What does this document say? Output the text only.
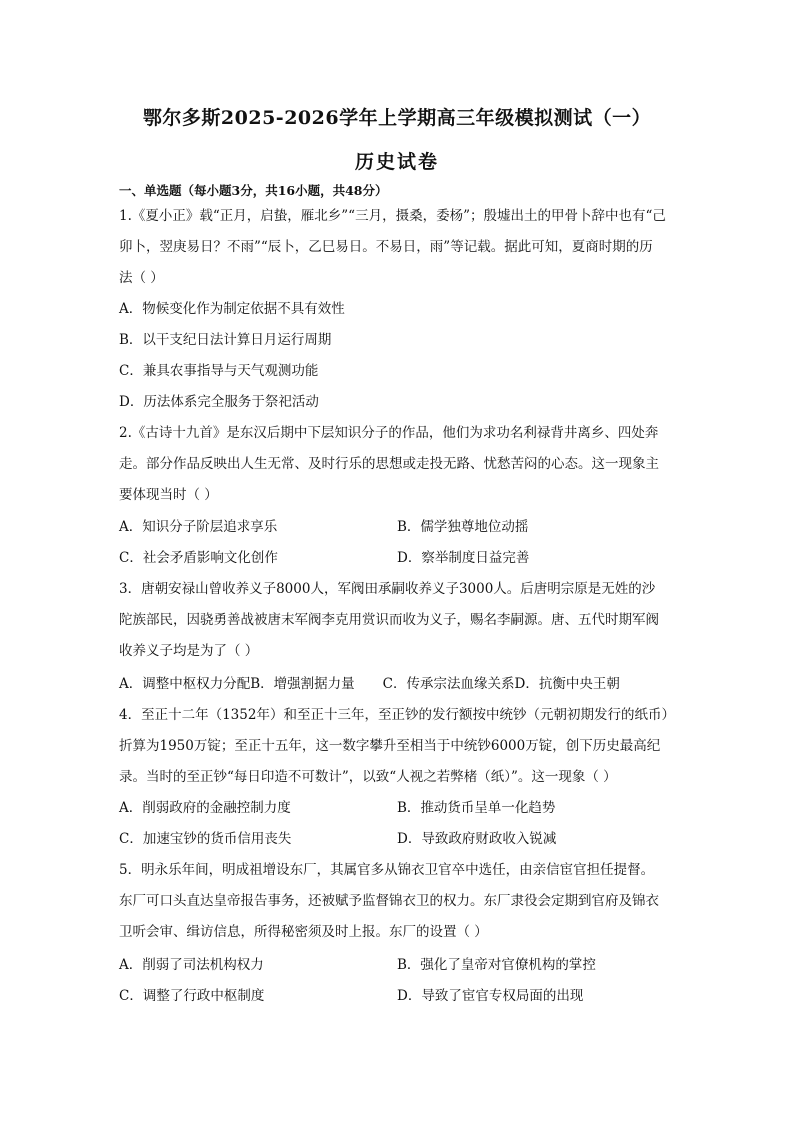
鄂尔多斯2025-2026学年上学期高三年级模拟测试（一）
历史试卷
一、单选题（每小题3分，共16小题，共48分）
1.《夏小正》载“正月，启蛰，雁北乡”“三月，摄桑，委杨”；殷墟出土的甲骨卜辞中也有“己
卯卜，翌庚易日？不雨”“辰卜，乙巳易日。不易日，雨”等记载。据此可知，夏商时期的历
法（ ）
A．物候变化作为制定依据不具有效性
B．以干支纪日法计算日月运行周期
C．兼具农事指导与天气观测功能
D．历法体系完全服务于祭祀活动
2.《古诗十九首》是东汉后期中下层知识分子的作品，他们为求功名利禄背井离乡、四处奔
走。部分作品反映出人生无常、及时行乐的思想或走投无路、忧愁苦闷的心态。这一现象主
要体现当时（ ）
A．知识分子阶层追求享乐	B．儒学独尊地位动摇
C．社会矛盾影响文化创作	D．察举制度日益完善
3．唐朝安禄山曾收养义子8000人，军阀田承嗣收养义子3000人。后唐明宗原是无姓的沙
陀族部民，因骁勇善战被唐末军阀李克用赏识而收为义子，赐名李嗣源。唐、五代时期军阀
收养义子均是为了（ ）
A．调整中枢权力分配B．增强割据力量 C．传承宗法血缘关系D．抗衡中央王朝
4．至正十二年（1352年）和至正十三年，至正钞的发行额按中统钞（元朝初期发行的纸币）
折算为1950万锭；至正十五年，这一数字攀升至相当于中统钞6000万锭，创下历史最高纪
录。当时的至正钞“每日印造不可数计”，以致“人视之若弊楮（纸）”。这一现象（ ）
A．削弱政府的金融控制力度	B．推动货币呈单一化趋势
C．加速宝钞的货币信用丧失	D．导致政府财政收入锐减
5．明永乐年间，明成祖增设东厂，其属官多从锦衣卫官卒中选任，由亲信宦官担任提督。
东厂可口头直达皇帝报告事务，还被赋予监督锦衣卫的权力。东厂隶役会定期到官府及锦衣
卫听会审、缉访信息，所得秘密须及时上报。东厂的设置（ ）
A．削弱了司法机构权力	B．强化了皇帝对官僚机构的掌控
C．调整了行政中枢制度	D．导致了宦官专权局面的出现
